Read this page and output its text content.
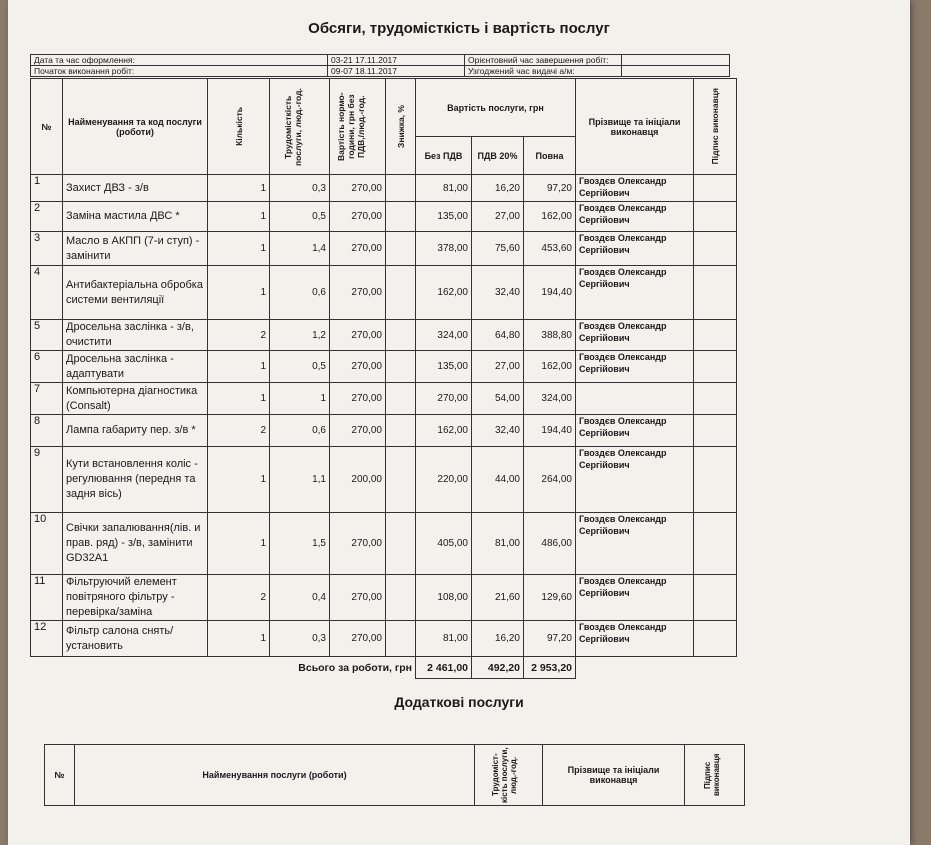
Обсяги, трудомісткість і вартість послуг
Дата та час оформлення:	03-21 17.11.2017	Орієнтовний час завершення робіт:	
Початок виконання робіт:	09-07 18.11.2017	Узгоджений час видачі а/м:	
№	Найменування та код послуги (роботи)	Кількість	Трудомісткість послуги, люд.-год.	Вартість нормо-години, грн без ПДВ,/люд.-год.	Знижка, %	Вартість послуги, грн			Прізвище та ініціали виконавця	Підпис виконавця

						Без ПДВ	ПДВ 20%	Повна		
1	Захист ДВЗ - з/в	1	0,3	270,00		81,00	16,20	97,20	Гвоздєв Олександр Сергійович	
2	Заміна мастила ДВС *	1	0,5	270,00		135,00	27,00	162,00	Гвоздєв Олександр Сергійович	
3	Масло в АКПП (7-и ступ) - замінити	1	1,4	270,00		378,00	75,60	453,60	Гвоздєв Олександр Сергійович	
4	Антибактеріальна обробка системи вентиляції	1	0,6	270,00		162,00	32,40	194,40	Гвоздєв Олександр Сергійович	
5	Дросельна заслінка - з/в, очистити	2	1,2	270,00		324,00	64,80	388,80	Гвоздєв Олександр Сергійович	
6	Дросельна заслінка - адаптувати	1	0,5	270,00		135,00	27,00	162,00	Гвоздєв Олександр Сергійович	
7	Компьютерна діагностика (Consalt)	1	1	270,00		270,00	54,00	324,00		
8	Лампа габариту пер. з/в *	2	0,6	270,00		162,00	32,40	194,40	Гвоздєв Олександр Сергійович	
9	Кути встановлення коліс - регулювання (передня та задня вісь)	1	1,1	200,00		220,00	44,00	264,00	Гвоздєв Олександр Сергійович	
10	Свічки запалювання(лів. и прав. ряд) - з/в, замінити GD32A1	1	1,5	270,00		405,00	81,00	486,00	Гвоздєв Олександр Сергійович	
11	Фільтруючий елемент повітряного фільтру - перевірка/заміна	2	0,4	270,00		108,00	21,60	129,60	Гвоздєв Олександр Сергійович	
12	Фільтр салона снять/установить	1	0,3	270,00		81,00	16,20	97,20	Гвоздєв Олександр Сергійович	
					Всього за роботи, грн	2 461,00	492,20	2 953,20		
Додаткові послуги
№	Найменування послуги (роботи)	Трудоміст-кість послуги, люд.-год.	Прізвище та ініціали виконавця	Підпис виконавця
